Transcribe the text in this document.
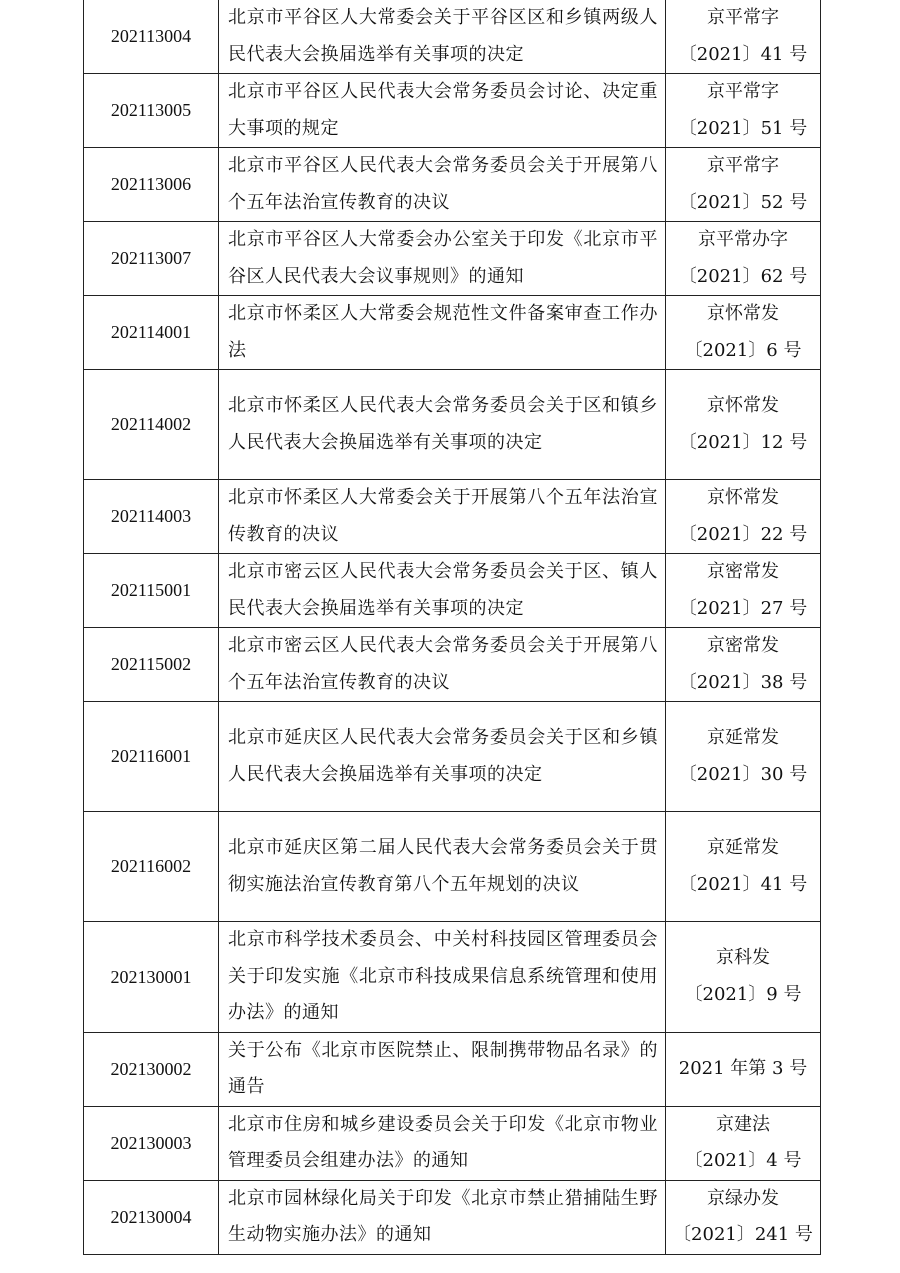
202113004	北京市平谷区人大常委会关于平谷区区和乡镇两级人民代表大会换届选举有关事项的决定	京平常字
〔2021〕41 号

202113005	北京市平谷区人民代表大会常务委员会讨论、决定重大事项的规定	京平常字
〔2021〕51 号

202113006	北京市平谷区人民代表大会常务委员会关于开展第八个五年法治宣传教育的决议	京平常字
〔2021〕52 号

202113007	北京市平谷区人大常委会办公室关于印发《北京市平谷区人民代表大会议事规则》的通知	京平常办字
〔2021〕62 号

202114001	北京市怀柔区人大常委会规范性文件备案审查工作办法	京怀常发
〔2021〕6 号

202114002	北京市怀柔区人民代表大会常务委员会关于区和镇乡人民代表大会换届选举有关事项的决定	京怀常发
〔2021〕12 号

202114003	北京市怀柔区人大常委会关于开展第八个五年法治宣传教育的决议	京怀常发
〔2021〕22 号

202115001	北京市密云区人民代表大会常务委员会关于区、镇人民代表大会换届选举有关事项的决定	京密常发
〔2021〕27 号

202115002	北京市密云区人民代表大会常务委员会关于开展第八个五年法治宣传教育的决议	京密常发
〔2021〕38 号

202116001	北京市延庆区人民代表大会常务委员会关于区和乡镇人民代表大会换届选举有关事项的决定	京延常发
〔2021〕30 号

202116002	北京市延庆区第二届人民代表大会常务委员会关于贯彻实施法治宣传教育第八个五年规划的决议	京延常发
〔2021〕41 号

202130001	北京市科学技术委员会、中关村科技园区管理委员会关于印发实施《北京市科技成果信息系统管理和使用办法》的通知	京科发
〔2021〕9 号

202130002	关于公布《北京市医院禁止、限制携带物品名录》的通告	2021 年第 3 号

202130003	北京市住房和城乡建设委员会关于印发《北京市物业管理委员会组建办法》的通知	京建法
〔2021〕4 号

202130004	北京市园林绿化局关于印发《北京市禁止猎捕陆生野生动物实施办法》的通知	京绿办发
〔2021〕241 号
